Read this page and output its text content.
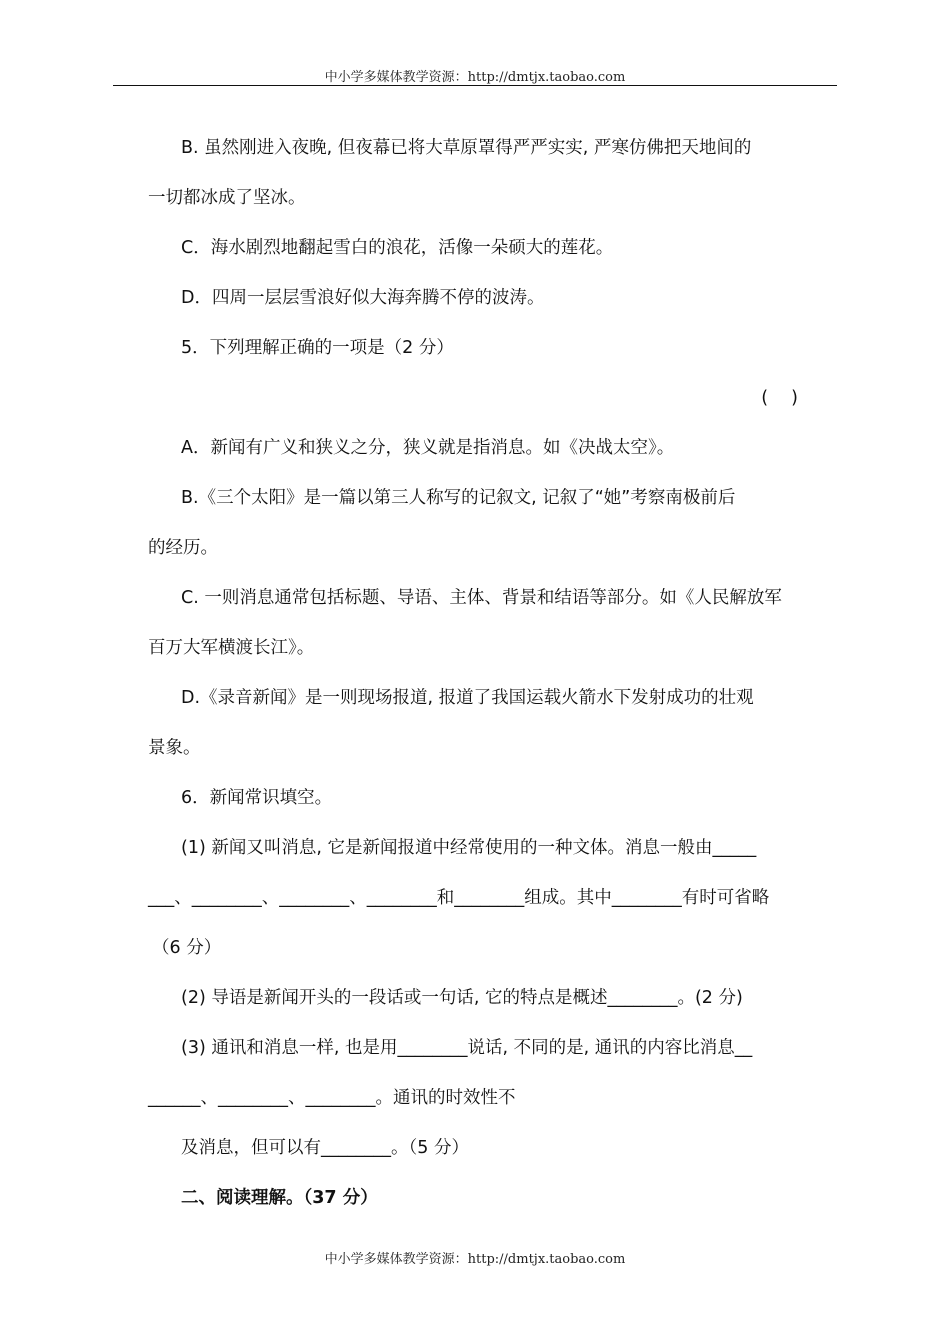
中小学多媒体教学资源：http://dmtjx.taobao.com
B. 虽然刚进入夜晚, 但夜幕已将大草原罩得严严实实, 严寒仿佛把天地间的
一切都冰成了坚冰。
C．海水剧烈地翻起雪白的浪花，活像一朵硕大的莲花。
D．四周一层层雪浪好似大海奔腾不停的波涛。
5．下列理解正确的一项是（2 分）
(　 )
A．新闻有广义和狭义之分，狭义就是指消息。如《决战太空》。
B.《三个太阳》是一篇以第三人称写的记叙文, 记叙了“她”考察南极前后
的经历。
C. 一则消息通常包括标题、导语、主体、背景和结语等部分。如《人民解放军
百万大军横渡长江》。
D.《录音新闻》是一则现场报道, 报道了我国运载火箭水下发射成功的壮观
景象。
6．新闻常识填空。
(1) 新闻又叫消息, 它是新闻报道中经常使用的一种文体。消息一般由_____
___、________、________、________和________组成。其中________有时可省略
（6 分）
(2) 导语是新闻开头的一段话或一句话, 它的特点是概述________。(2 分)
(3) 通讯和消息一样, 也是用________说话, 不同的是, 通讯的内容比消息__
______、________、________。通讯的时效性不
及消息，但可以有________。（5 分）
二、阅读理解。（37 分）
中小学多媒体教学资源：http://dmtjx.taobao.com
